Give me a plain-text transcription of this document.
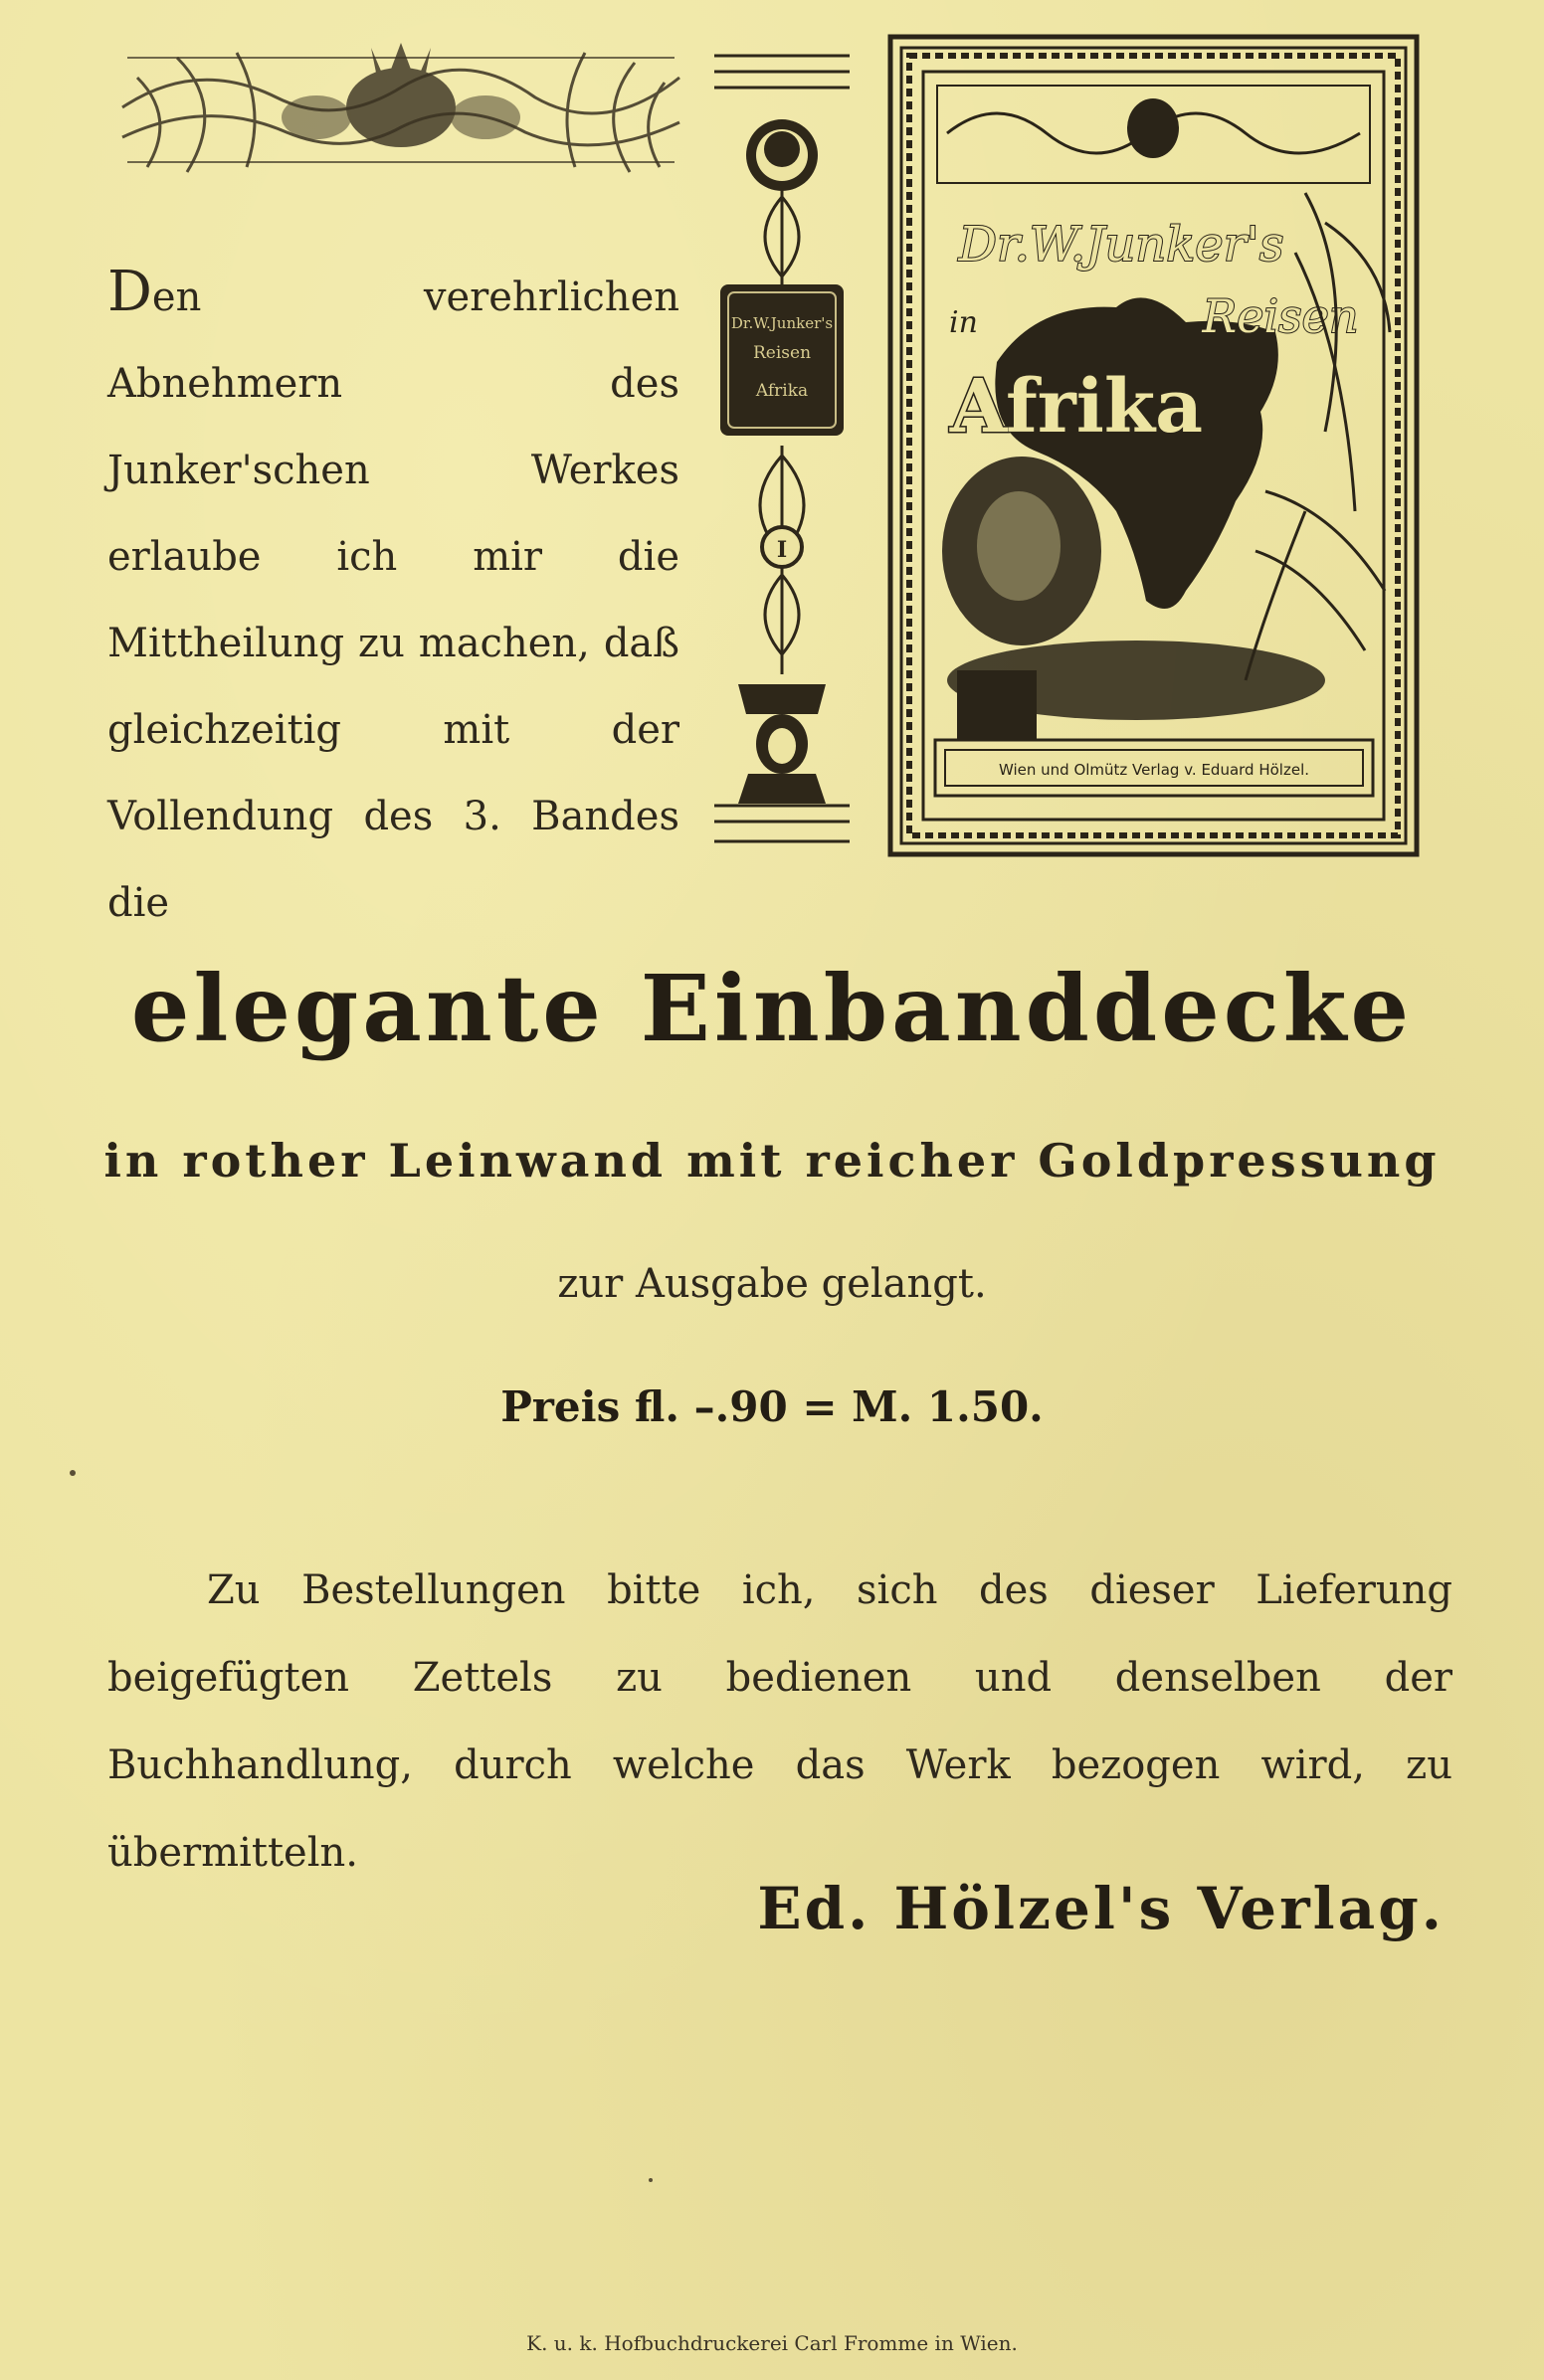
Den verehrlichen Abnehmern des Junker'schen Werkes erlaube ich mir die Mittheilung zu machen, daß gleichzeitig mit der Vollendung des 3. Bandes die
Dr.W.Junker's
Reisen
Afrika
I
Dr.W.Junker's
in	Reisen
Afrika
Wien und Olmütz Verlag v. Eduard Hölzel.
elegante Einbanddecke
in rother Leinwand mit reicher Goldpressung
zur Ausgabe gelangt.
Preis fl. –.90 = M. 1.50.
Zu Bestellungen bitte ich, sich des dieser Lieferung beigefügten Zettels zu bedienen und denselben der Buchhandlung, durch welche das Werk bezogen wird, zu übermitteln.
Ed. Hölzel's Verlag.
K. u. k. Hofbuchdruckerei Carl Fromme in Wien.
